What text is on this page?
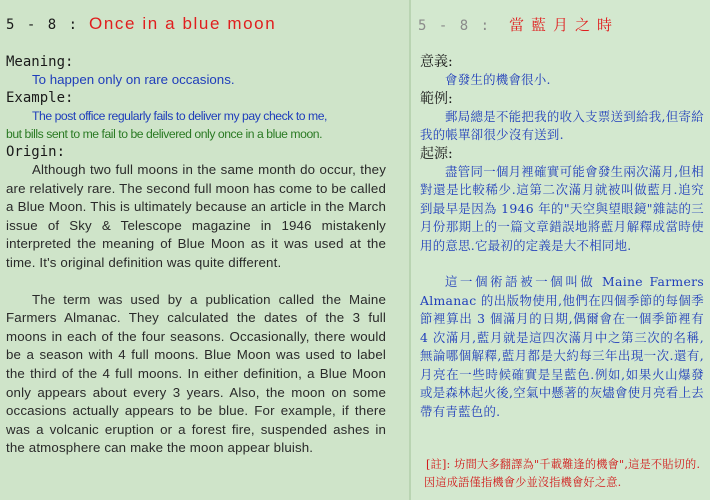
5 - 8 : Once in a blue moon
Meaning:
To happen only on rare occasions.
Example:
The post office regularly fails to deliver my pay check to me,
but bills sent to me fail to be delivered only once in a blue moon.
Origin:

Although two full moons in the same month do occur, they are relatively rare. The second full moon has come to be called a Blue Moon. This is ultimately because an article in the March issue of Sky & Telescope magazine in 1946 mistakenly interpreted the meaning of Blue Moon as it was used at the time. It's original definition was quite different.

The term was used by a publication called the Maine Farmers Almanac. They calculated the dates of the 3 full moons in each of the four seasons. Occasionally, there would be a season with 4 full moons. Blue Moon was used to label the third of the 4 full moons. In either definition, a Blue Moon only appears about every 3 years. Also, the moon on some occasions actually appears to be blue. For example, if there was a volcanic eruption or a forest fire, suspended ashes in the atmosphere can make the moon appear bluish.

5 - 8 : 當藍月之時
意義:

會發生的機會很小.

範例:

郵局總是不能把我的收入支票送到給我,但寄給我的帳單卻很少沒有送到.

起源:

盡管同一個月裡確實可能會發生兩次滿月,但相對還是比較稀少.這第二次滿月就被叫做藍月.追究到最早是因為 1946 年的"天空與望眼鏡"雜誌的三月份那期上的一篇文章錯誤地將藍月解釋成當時使用的意思.它最初的定義是大不相同地.

這一個術語被一個叫做 Maine Farmers Almanac 的出版物使用,他們在四個季節的每個季節裡算出 3 個滿月的日期,偶爾會在一個季節裡有 4 次滿月,藍月就是這四次滿月中之第三次的名稱,無論哪個解釋,藍月都是大約每三年出現一次.還有,月亮在一些時候確實是呈藍色.例如,如果火山爆發或是森林起火後,空氣中懸著的灰燼會使月亮看上去帶有青藍色的.

[註]: 坊間大多翻譯為"千載難逢的機會",這是不貼切的.因這成語僅指機會少並沒指機會好之意.
